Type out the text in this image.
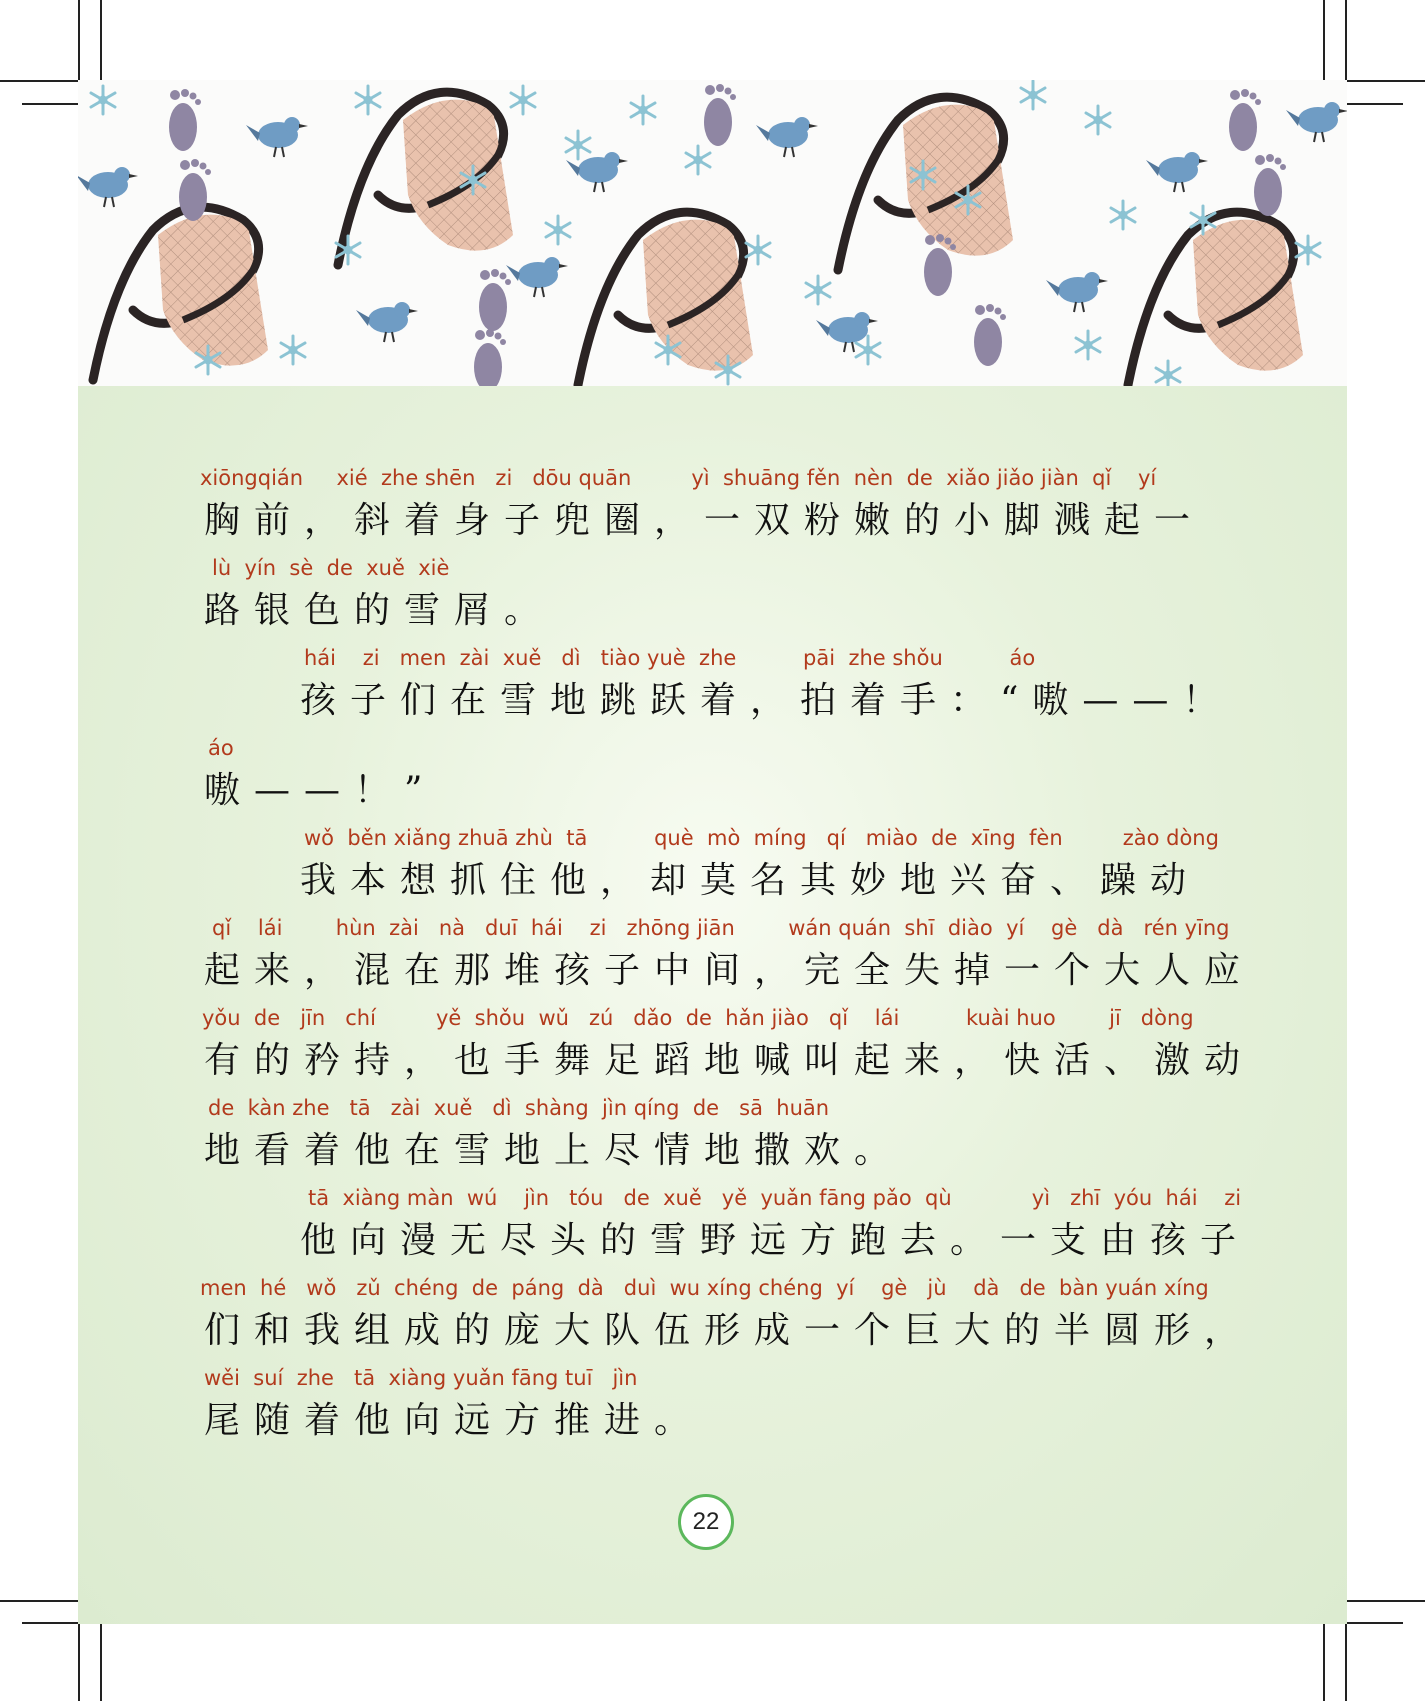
xiōngqián     xié  zhe shēn   zi   dōu quān         yì  shuāng fěn  nèn  de  xiǎo jiǎo jiàn  qǐ    yí
胸前，斜着身子兜圈，一双粉嫩的小脚溅起一
lù  yín  sè  de  xuě  xiè
路银色的雪屑。
hái    zi   men  zài  xuě   dì   tiào yuè  zhe          pāi  zhe shǒu          áo
孩子们在雪地跳跃着，拍着手：“嗷——！
áo
嗷——！”
wǒ  běn xiǎng zhuā zhù  tā          què  mò  míng   qí   miào  de  xīng  fèn         zào dòng
我本想抓住他，却莫名其妙地兴奋、躁动
qǐ    lái        hùn  zài   nà   duī  hái    zi   zhōng jiān        wán quán  shī  diào  yí    gè   dà   rén yīng
起来，混在那堆孩子中间，完全失掉一个大人应
yǒu  de   jīn   chí         yě  shǒu  wǔ   zú   dǎo  de  hǎn jiào   qǐ    lái          kuài huo        jī   dòng
有的矜持，也手舞足蹈地喊叫起来，快活、激动
de  kàn zhe   tā   zài  xuě   dì  shàng  jìn qíng  de   sā  huān
地看着他在雪地上尽情地撒欢。
tā  xiàng màn  wú    jìn   tóu   de  xuě   yě  yuǎn fāng pǎo  qù            yì   zhī  yóu  hái    zi
他向漫无尽头的雪野远方跑去。一支由孩子
men  hé   wǒ   zǔ  chéng  de  páng  dà   duì  wu xíng chéng  yí    gè   jù    dà   de  bàn yuán xíng
们和我组成的庞大队伍形成一个巨大的半圆形，
wěi  suí  zhe   tā  xiàng yuǎn fāng tuī   jìn
尾随着他向远方推进。
22
